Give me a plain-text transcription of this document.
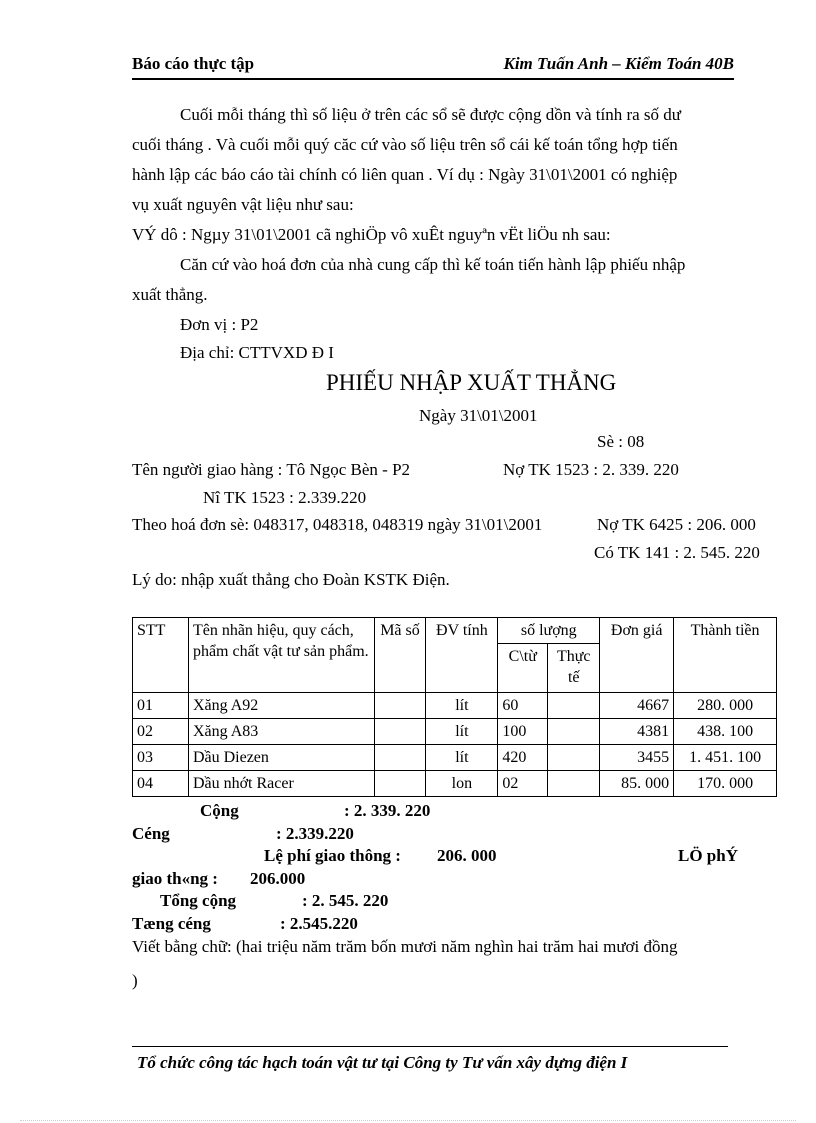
Báo cáo thực tập	Kim Tuấn Anh – Kiểm Toán 40B
Cuối mỗi tháng thì số liệu ở trên các sổ sẽ được cộng dồn và tính ra số dư
cuối tháng . Và cuối mỗi quý căc cứ vào số liệu trên sổ cái kế toán tổng hợp tiến
hành lập các báo cáo tài chính có liên quan . Ví dụ : Ngày 31\01\2001 có nghiệp
vụ xuất nguyên vật liệu như sau:
VÝ dô : Ngµy 31\01\2001 cã nghiÖp vô xuÊt nguyªn vËt liÖu nh sau:
Căn cứ vào hoá đơn của nhà cung cấp thì kế toán tiến hành lập phiếu nhập
xuất thẳng.
Đơn vị : P2
Địa chỉ: CTTVXD Đ I
PHIẾU NHẬP XUẤT THẲNG
Ngày 31\01\2001
Sè : 08
Tên người giao hàng : Tô Ngọc Bèn - P2	Nợ TK 1523 : 2. 339. 220
Nî TK 1523 : 2.339.220
Theo hoá đơn sè: 048317, 048318, 048319 ngày 31\01\2001	Nợ TK 6425 : 206. 000
Có TK 141 : 2. 545. 220
Lý do: nhập xuất thẳng cho Đoàn KSTK Điện.
STT	Tên nhãn hiệu, quy cách, phẩm chất vật tư sản phẩm.	Mã số	ĐV tính	số lượng		Đơn giá	Thành tiền
				C\từ	Thực tế		
01	Xăng A92		lít	60		4667	280. 000
02	Xăng A83		lít	100		4381	438. 100
03	Dầu Diezen		lít	420		3455	1. 451. 100
04	Dầu nhớt Racer		lon	02		85. 000	170. 000
Cộng	: 2. 339. 220
Céng	: 2.339.220
Lệ phí giao thông : 206. 000	LÖ phÝ
giao th«ng : 206.000
Tổng cộng	: 2. 545. 220
Tæng céng	: 2.545.220
Viết bằng chữ: (hai triệu năm trăm bốn mươi năm nghìn hai trăm hai mươi đồng
)
Tổ chức công tác hạch toán vật tư tại Công ty Tư vấn xây dựng điện I
